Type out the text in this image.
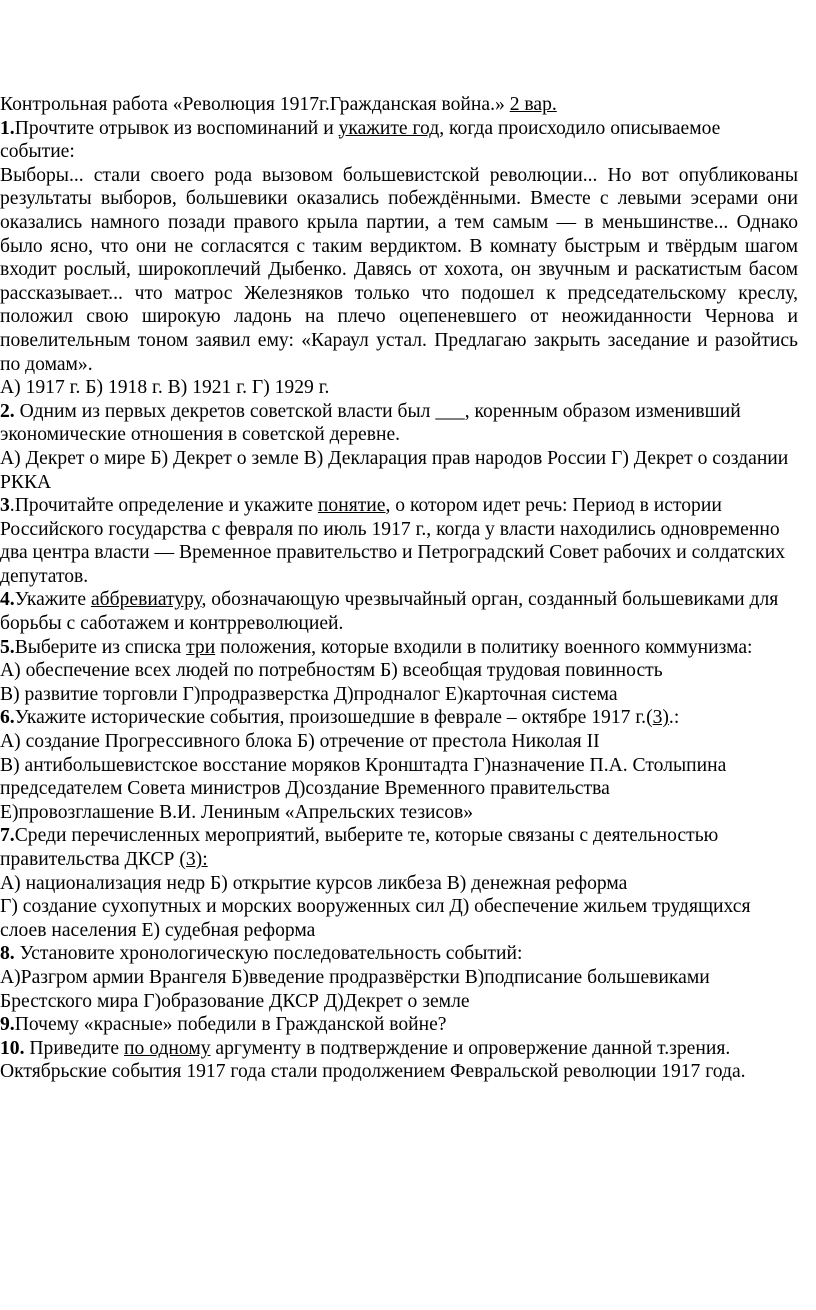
Контрольная работа «Революция 1917г.Гражданская война.» 2 вар.

1.Прочтите отрывок из воспоминаний и укажите год, когда происходило описываемое событие:

Выборы... стали своего рода вызовом большевистской революции... Но вот опубликованы результаты выборов, большевики оказались побеждёнными. Вместе с левыми эсерами они оказались намного позади правого крыла партии, а тем самым — в меньшинстве... Однако было ясно, что они не согласятся с таким вердиктом. В комнату быстрым и твёрдым шагом входит рослый, широкоплечий Дыбенко. Давясь от хохота, он звучным и раскатистым басом рассказывает... что матрос Железняков только что подошел к председательскому креслу, положил свою широкую ладонь на плечо оцепеневшего от неожиданности Чернова и повелительным тоном заявил ему: «Караул устал. Предлагаю закрыть заседание и разойтись по домам».

А) 1917 г. Б) 1918 г. В) 1921 г. Г) 1929 г.

2. Одним из первых декретов советской власти был ___, коренным образом изменивший экономические отношения в советской деревне.

А) Декрет о мире Б) Декрет о земле В) Декларация прав народов России Г) Декрет о создании РККА

3.Прочитайте определение и укажите понятие, о котором идет речь: Период в истории Российского государства с февраля по июль 1917 г., когда у власти находились одновременно два центра власти — Временное правительство и Петроградский Совет рабочих и солдатских депутатов.

4.Укажите аббревиатуру, обозначающую чрезвычайный орган, созданный большевиками для борьбы с саботажем и контрреволюцией.

5.Выберите из списка три положения, которые входили в политику военного коммунизма:

А) обеспечение всех людей по потребностям Б) всеобщая трудовая повинность

В) развитие торговли Г)продразверстка Д)продналог Е)карточная система

6.Укажите исторические события, произошедшие в феврале – октябре 1917 г.(3).:

А) создание Прогрессивного блока Б) отречение от престола Николая II

В) антибольшевистское восстание моряков Кронштадта Г)назначение П.А. Столыпина председателем Совета министров Д)создание Временного правительства

Е)провозглашение В.И. Лениным «Апрельских тезисов»

7.Среди перечисленных мероприятий, выберите те, которые связаны с деятельностью правительства ДКСР (3):

А) национализация недр Б) открытие курсов ликбеза В) денежная реформа

Г) создание сухопутных и морских вооруженных сил Д) обеспечение жильем трудящихся слоев населения Е) судебная реформа

8. Установите хронологическую последовательность событий:

А)Разгром армии Врангеля Б)введение продразвёрстки В)подписание большевиками Брестского мира Г)образование ДКСР Д)Декрет о земле

9.Почему «красные» победили в Гражданской войне?

10. Приведите по одному аргументу в подтверждение и опровержение данной т.зрения.

Октябрьские события 1917 года стали продолжением Февральской революции 1917 года.
